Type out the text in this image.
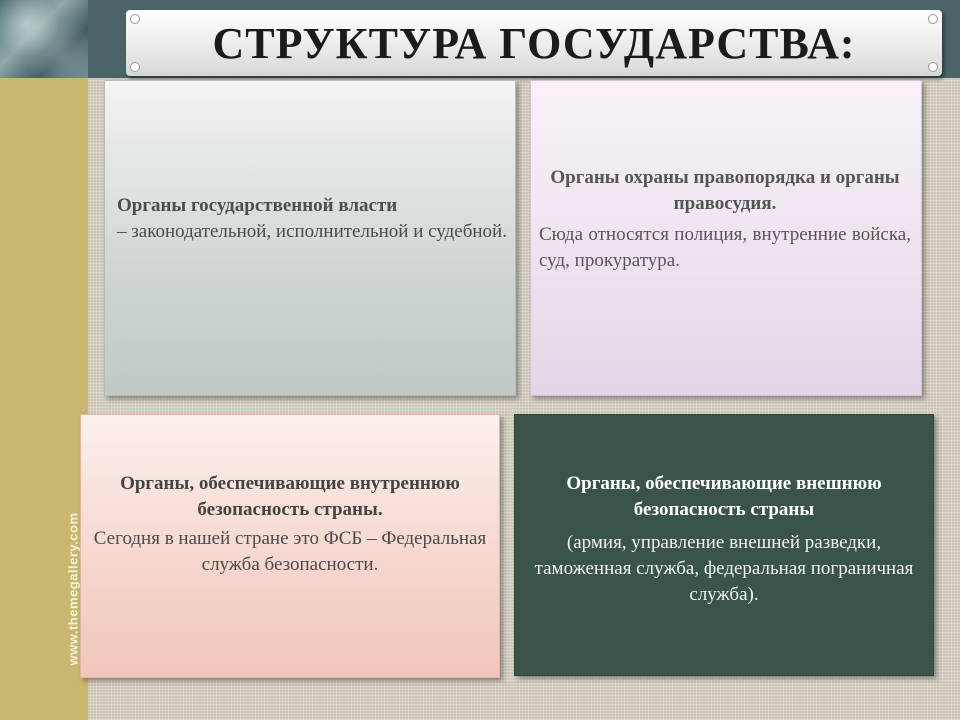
СТРУКТУРА ГОСУДАРСТВА:
www.themegallery.com
Органы государственной власти
– законодательной, исполнительной и судебной.
Органы охраны правопорядка и органы правосудия.
Сюда относятся полиция, внутренние войска, суд, прокуратура.
Органы, обеспечивающие внутреннюю безопасность страны.
Сегодня в нашей стране это ФСБ – Федеральная служба безопасности.
Органы, обеспечивающие внешнюю безопасность страны
(армия, управление внешней разведки, таможенная служба, федеральная пограничная служба).
